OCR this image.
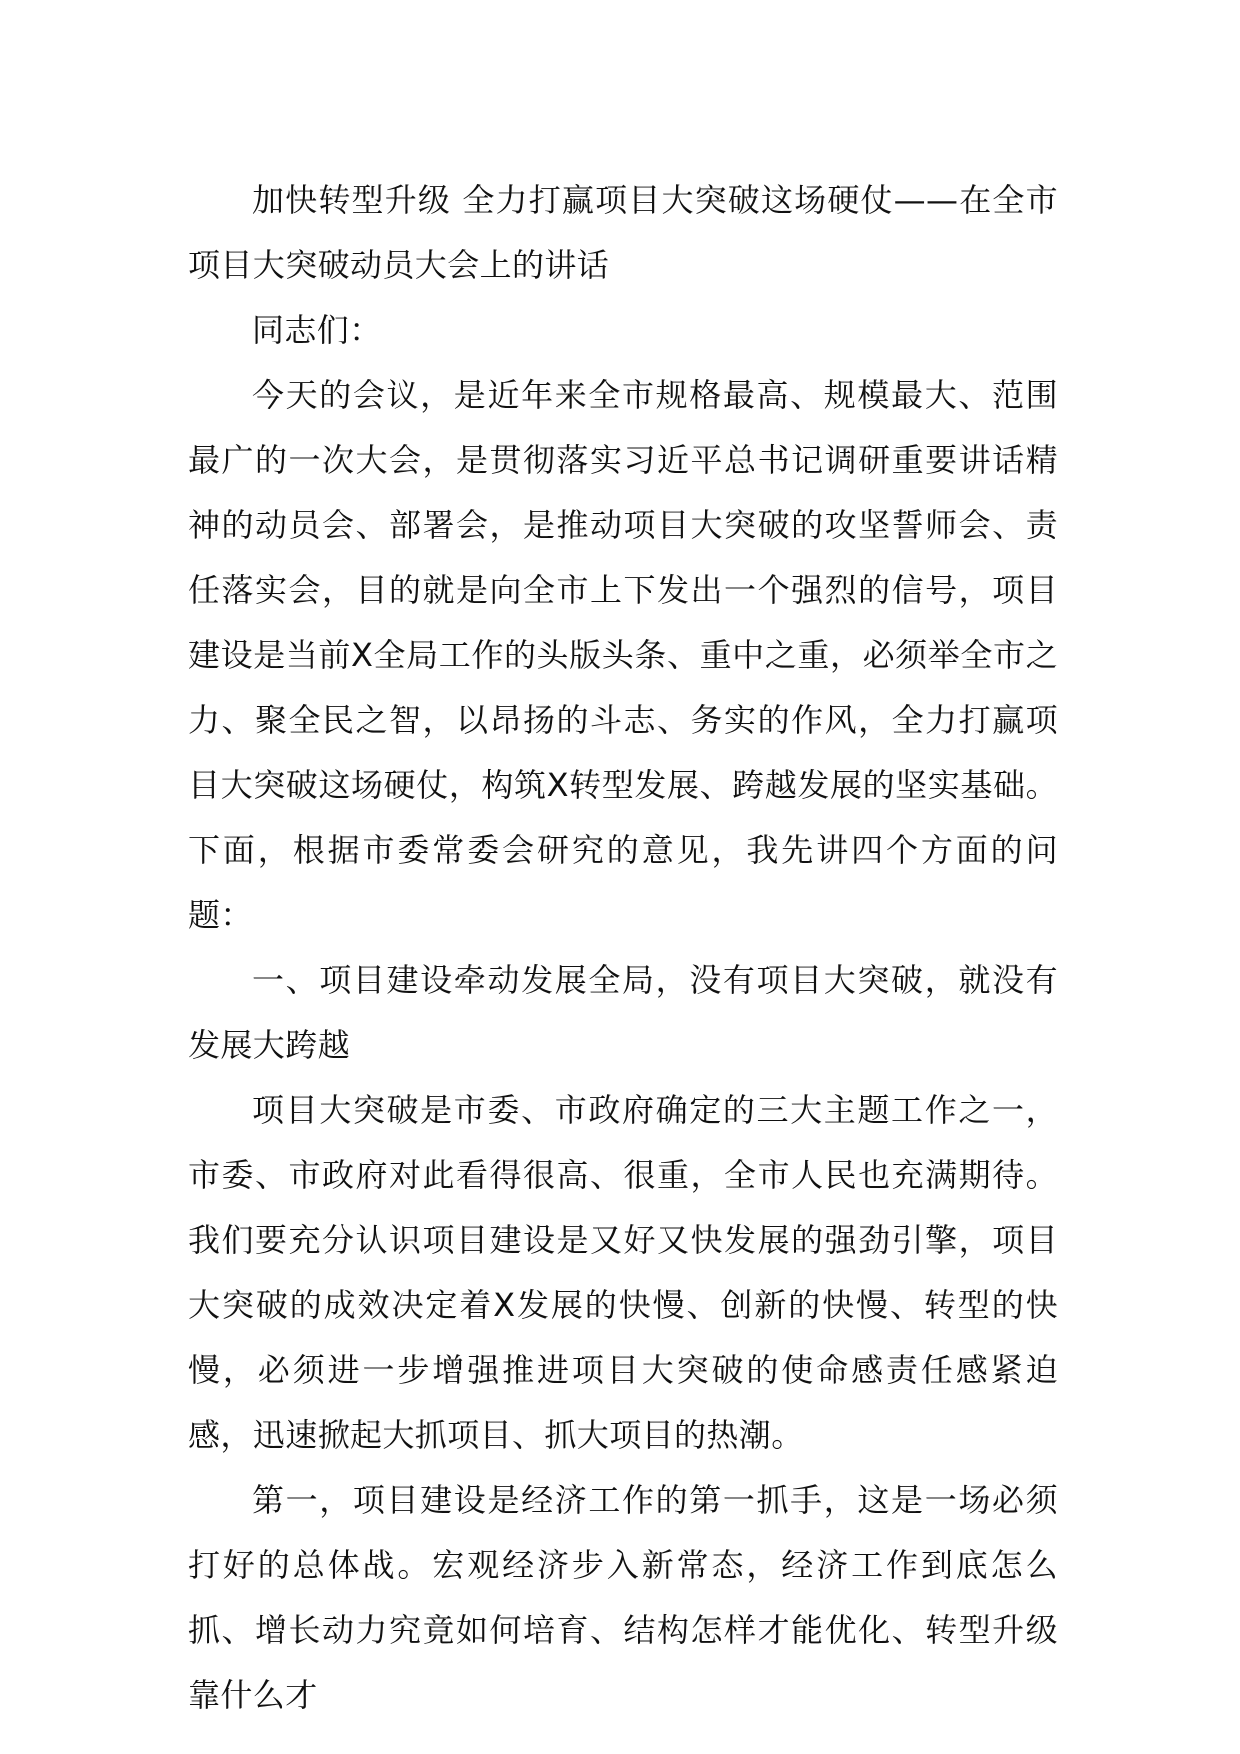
加快转型升级 全力打赢项目大突破这场硬仗——在全市项目大突破动员大会上的讲话

同志们：

今天的会议，是近年来全市规格最高、规模最大、范围最广的一次大会，是贯彻落实习近平总书记调研重要讲话精神的动员会、部署会，是推动项目大突破的攻坚誓师会、责任落实会，目的就是向全市上下发出一个强烈的信号，项目建设是当前X全局工作的头版头条、重中之重，必须举全市之力、聚全民之智，以昂扬的斗志、务实的作风，全力打赢项目大突破这场硬仗，构筑X转型发展、跨越发展的坚实基础。下面，根据市委常委会研究的意见，我先讲四个方面的问题：

一、项目建设牵动发展全局，没有项目大突破，就没有发展大跨越

项目大突破是市委、市政府确定的三大主题工作之一，市委、市政府对此看得很高、很重，全市人民也充满期待。我们要充分认识项目建设是又好又快发展的强劲引擎，项目大突破的成效决定着X发展的快慢、创新的快慢、转型的快慢，必须进一步增强推进项目大突破的使命感责任感紧迫感，迅速掀起大抓项目、抓大项目的热潮。

第一，项目建设是经济工作的第一抓手，这是一场必须打好的总体战。宏观经济步入新常态，经济工作到底怎么抓、增长动力究竟如何培育、结构怎样才能优化、转型升级靠什么才
